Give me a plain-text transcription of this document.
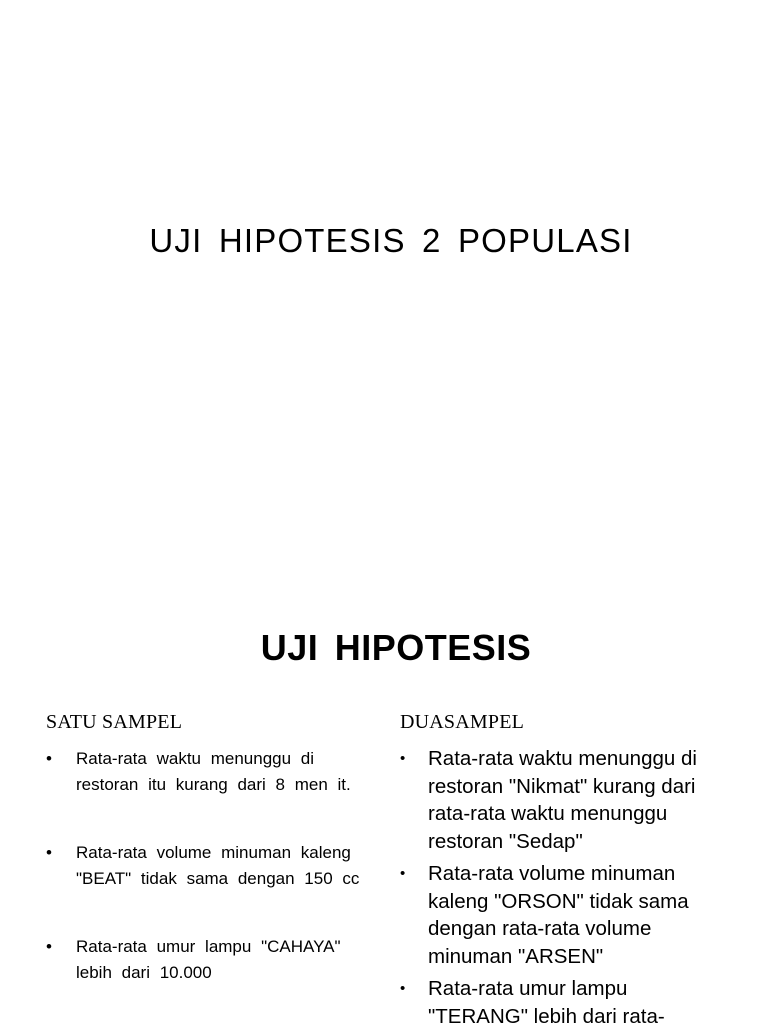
UJI HIPOTESIS 2 POPULASI
UJI HIPOTESIS
SATU SAMPEL	DUASAMPEL
• Rata-rata waktu menunggu di restoran itu kurang dari 8 men it.
• Rata-rata volume minuman kaleng "BEAT" tidak sama dengan 150 cc
• Rata-rata umur lampu "CAHAYA" lebih dari 10.000
• Rata-rata waktu menunggu di restoran "Nikmat" kurang dari rata-rata waktu menunggu restoran "Sedap"
• Rata-rata volume minuman kaleng "ORSON" tidak sama dengan rata-rata volume minuman "ARSEN"
• Rata-rata umur lampu "TERANG" lebih dari rata-
